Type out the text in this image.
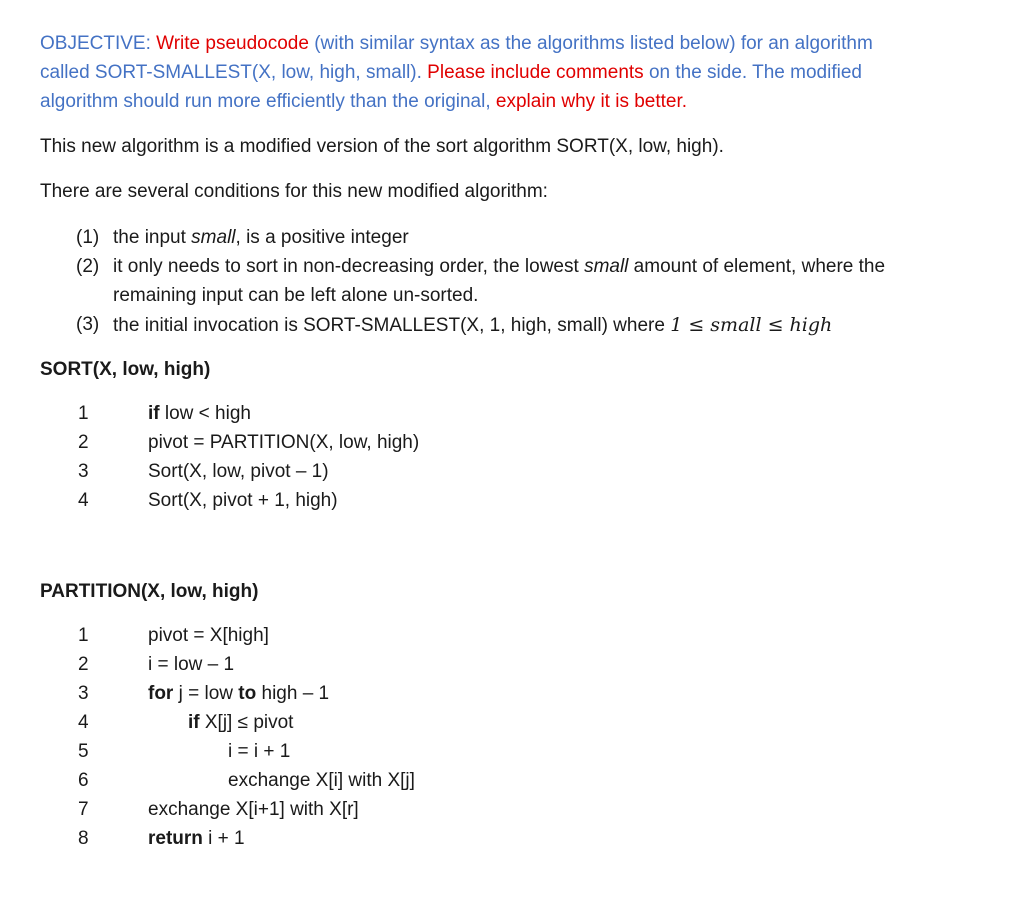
OBJECTIVE: Write pseudocode (with similar syntax as the algorithms listed below) for an algorithm
called SORT-SMALLEST(X, low, high, small). Please include comments on the side. The modified
algorithm should run more efficiently than the original, explain why it is better.
This new algorithm is a modified version of the sort algorithm SORT(X, low, high).
There are several conditions for this new modified algorithm:
(1) the input small, is a positive integer
(2) it only needs to sort in non-decreasing order, the lowest small amount of element, where the
remaining input can be left alone un-sorted.
(3) the initial invocation is SORT-SMALLEST(X, 1, high, small) where 1 ≤ small ≤ high
SORT(X, low, high)
1	if low < high
2	pivot = PARTITION(X, low, high)
3	Sort(X, low, pivot – 1)
4	Sort(X, pivot + 1, high)
PARTITION(X, low, high)
1	pivot = X[high]
2	i = low – 1
3	for j = low to high – 1
4	if X[j] ≤ pivot
5	i = i + 1
6	exchange X[i] with X[j]
7	exchange X[i+1] with X[r]
8	return i + 1
